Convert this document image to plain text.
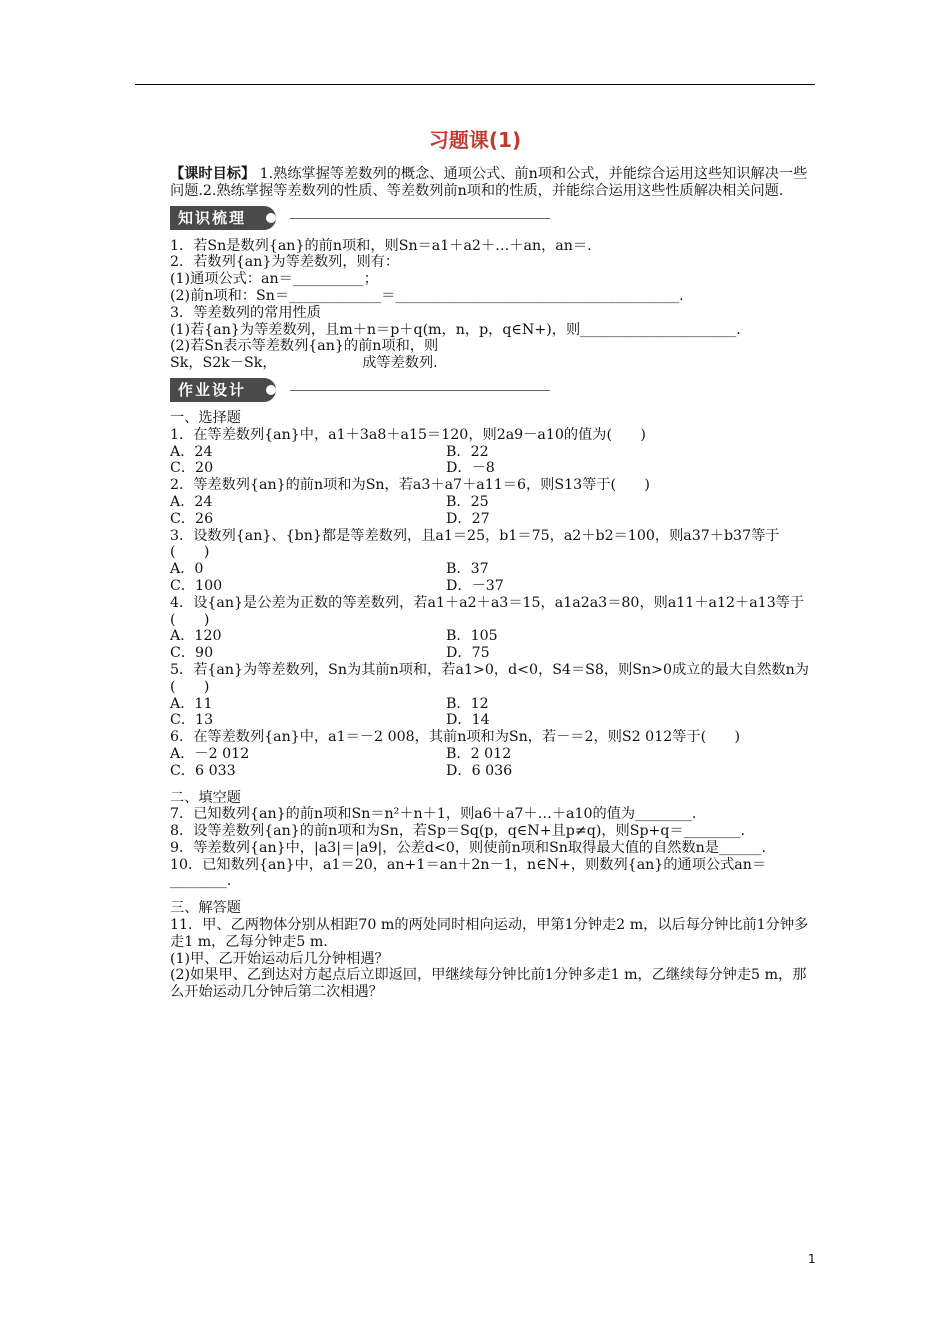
习题课(1)

【课时目标】 1.熟练掌握等差数列的概念、通项公式、前n项和公式，并能综合运用这些知识解决一些问题.2.熟练掌握等差数列的性质、等差数列前n项和的性质，并能综合运用这些性质解决相关问题.

知识梳理

1．若Sn是数列{an}的前n项和，则Sn＝a1＋a2＋…＋an，an＝.

2．若数列{an}为等差数列，则有：

(1)通项公式：an＝__________；

(2)前n项和：Sn＝_____________＝________________________________________.

3．等差数列的常用性质

(1)若{an}为等差数列，且m＋n＝p＋q(m，n，p，q∈N+)，则______________________.

(2)若Sn表示等差数列{an}的前n项和，则

Sk，S2k－Sk，                   成等差数列.

作业设计

一、选择题

1．在等差数列{an}中，a1＋3a8＋a15＝120，则2a9－a10的值为(　　)

A．24	B．22
C．20	D．－8

2．等差数列{an}的前n项和为Sn，若a3＋a7＋a11＝6，则S13等于(　　)

A．24	B．25
C．26	D．27

3．设数列{an}、{bn}都是等差数列，且a1＝25，b1＝75，a2＋b2＝100，则a37＋b37等于(　　)

A．0	B．37
C．100	D．－37

4．设{an}是公差为正数的等差数列，若a1＋a2＋a3＝15，a1a2a3＝80，则a11＋a12＋a13等于(　　)

A．120	B．105
C．90	D．75

5．若{an}为等差数列，Sn为其前n项和，若a1>0，d<0，S4＝S8，则Sn>0成立的最大自然数n为(　　)

A．11	B．12
C．13	D．14

6．在等差数列{an}中，a1＝－2 008，其前n项和为Sn，若－＝2，则S2 012等于(　　)

A．－2 012	B．2 012
C．6 033	D．6 036

二、填空题

7．已知数列{an}的前n项和Sn＝n²＋n＋1，则a6＋a7＋…＋a10的值为________.

8．设等差数列{an}的前n项和为Sn，若Sp＝Sq(p，q∈N+且p≠q)，则Sp+q＝________.

9．等差数列{an}中，|a3|＝|a9|，公差d<0，则使前n项和Sn取得最大值的自然数n是______.

10．已知数列{an}中，a1＝20，an+1＝an＋2n－1，n∈N+，则数列{an}的通项公式an＝________.

三、解答题

11．甲、乙两物体分别从相距70 m的两处同时相向运动，甲第1分钟走2 m，以后每分钟比前1分钟多走1 m，乙每分钟走5 m.

(1)甲、乙开始运动后几分钟相遇？

(2)如果甲、乙到达对方起点后立即返回，甲继续每分钟比前1分钟多走1 m，乙继续每分钟走5 m，那么开始运动几分钟后第二次相遇？

1
